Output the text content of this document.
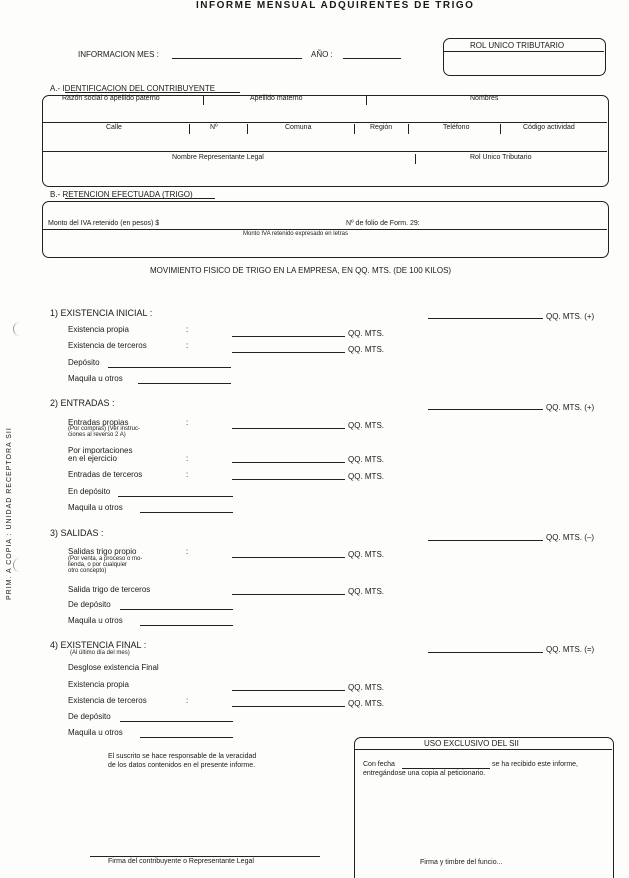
INFORME MENSUAL ADQUIRENTES DE TRIGO
INFORMACION MES :	AÑO :
ROL UNICO TRIBUTARIO
A.- IDENTIFICACION DEL CONTRIBUYENTE
Razón social o apellido paterno	Apellido materno	Nombres
Calle	Nº	Comuna	Región	Teléfono	Código actividad
Nombre Representante Legal	Rol Unico Tributario
B.- RETENCION EFECTUADA (TRIGO)
Monto del IVA retenido (en pesos) $	Nº de folio de Form. 29:
Monto IVA retenido expresado en letras
MOVIMIENTO FISICO DE TRIGO EN LA EMPRESA, EN QQ. MTS. (DE 100 KILOS)
1) EXISTENCIA INICIAL :	QQ. MTS. (+)
Existencia propia	:	QQ. MTS.
Existencia de terceros	:	QQ. MTS.
Depósito
Maquila u otros
2) ENTRADAS :	QQ. MTS. (+)
Entradas propias
(Por compras) (Ver instruc-
ciones al reverso 2 A)
:	QQ. MTS.
Por importaciones
en el ejercicio	:	QQ. MTS.
Entradas de terceros	:	QQ. MTS.
En depósito
Maquila u otros
3) SALIDAS :	QQ. MTS. (–)
Salidas trigo propio
(Por venta, a proceso o mo-
lienda, o por cualquier
otro concepto)
:	QQ. MTS.
Salida trigo de terceros	QQ. MTS.
De depósito
Maquila u otros
4) EXISTENCIA FINAL :
(Al último día del mes)	QQ. MTS. (=)
Desglose existencia Final
Existencia propia	QQ. MTS.
Existencia de terceros	:	QQ. MTS.
De depósito
Maquila u otros
El suscrito se hace responsable de la veracidad
de los datos contenidos en el presente informe.
USO EXCLUSIVO DEL SII
Con fecha	se ha recibido este informe,
entregándose una copia al peticionario.
Firma y timbre del funcio...
Firma del contribuyente o Representante Legal
PRIM. A COPIA : UNIDAD RECEPTORA SII
